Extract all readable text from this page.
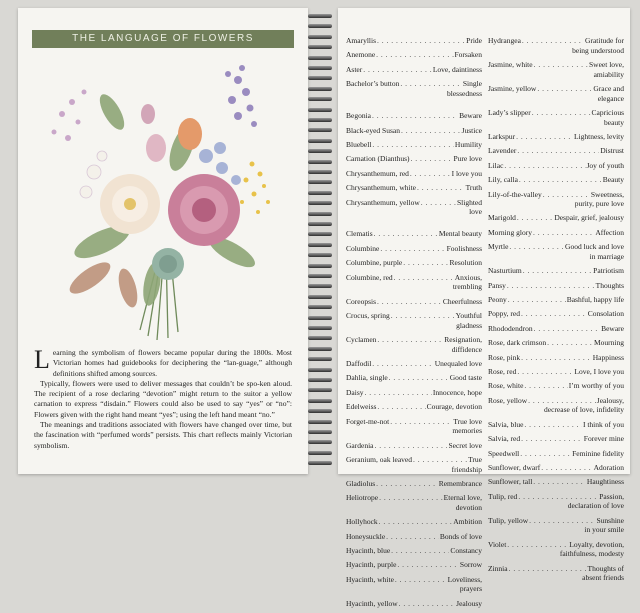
THE LANGUAGE OF FLOWERS

Learning the symbolism of flowers became popular during the 1800s. Most Victorian homes had guidebooks for deciphering the “lan-guage,” although definitions shifted among sources.

Typically, flowers were used to deliver messages that couldn’t be spo-ken aloud. The recipient of a rose declaring “devotion” might return to the suitor a yellow carnation to express “disdain.” Flowers could also be used to say “yes” or “no”: Flowers given with the right hand meant “yes”; using the left hand meant “no.”

The meanings and traditions associated with flowers have changed over time, but the fascination with “perfumed words” persists. This chart reflects mainly Victorian symbolism.

Amaryllis . . .	Pride
Anemone . . .	Forsaken
Aster . . .	Love, daintiness
Bachelor’s button . . .	Single
blessedness
Begonia . . .	Beware
Black-eyed Susan . . .	Justice
Bluebell . . .	Humility
Carnation (Dianthus) . . .	Pure love
Chrysanthemum, red . . .	I love you
Chrysanthemum, white . . .	Truth
Chrysanthemum, yellow . . .	Slighted
love
Clematis . . .	Mental beauty
Columbine . . .	Foolishness
Columbine, purple . . .	Resolution
Columbine, red . . .	Anxious,
trembling
Coreopsis . . .	Cheerfulness
Crocus, spring . . .	Youthful
gladness
Cyclamen . . .	Resignation,
diffidence
Daffodil . . .	Unequaled love
Dahlia, single . . .	Good taste
Daisy . . .	Innocence, hope
Edelweiss . . .	Courage, devotion
Forget-me-not . . .	True love
memories
Gardenia . . .	Secret love
Geranium, oak leaved . . .	True
friendship
Gladiolus . . .	Remembrance
Heliotrope . . .	Eternal love,
devotion
Hollyhock . . .	Ambition
Honeysuckle . . .	Bonds of love
Hyacinth, blue . . .	Constancy
Hyacinth, purple . . .	Sorrow
Hyacinth, white . . .	Loveliness,
prayers
Hyacinth, yellow . . .	Jealousy
Hydrangea . . .	Gratitude for
being understood
Jasmine, white . . .	Sweet love,
amiability
Jasmine, yellow . . .	Grace and
elegance
Lady’s slipper . . .	Capricious
beauty
Larkspur . . .	Lightness, levity
Lavender . . .	Distrust
Lilac . . .	Joy of youth
Lily, calla . . .	Beauty
Lily-of-the-valley . . .	Sweetness,
purity, pure love
Marigold . . .	Despair, grief, jealousy
Morning glory . . .	Affection
Myrtle . . .	Good luck and love
in marriage
Nasturtium . . .	Patriotism
Pansy . . .	Thoughts
Peony . . .	Bashful, happy life
Poppy, red . . .	Consolation
Rhododendron . . .	Beware
Rose, dark crimson . . .	Mourning
Rose, pink . . .	Happiness
Rose, red . . .	Love, I love you
Rose, white . . .	I’m worthy of you
Rose, yellow . . .	Jealousy,
decrease of love, infidelity
Salvia, blue . . .	I think of you
Salvia, red . . .	Forever mine
Speedwell . . .	Feminine fidelity
Sunflower, dwarf . . .	Adoration
Sunflower, tall . . .	Haughtiness
Tulip, red . . .	Passion,
declaration of love
Tulip, yellow . . .	Sunshine
in your smile
Violet . . .	Loyalty, devotion,
faithfulness, modesty
Zinnia . . .	Thoughts of
absent friends
